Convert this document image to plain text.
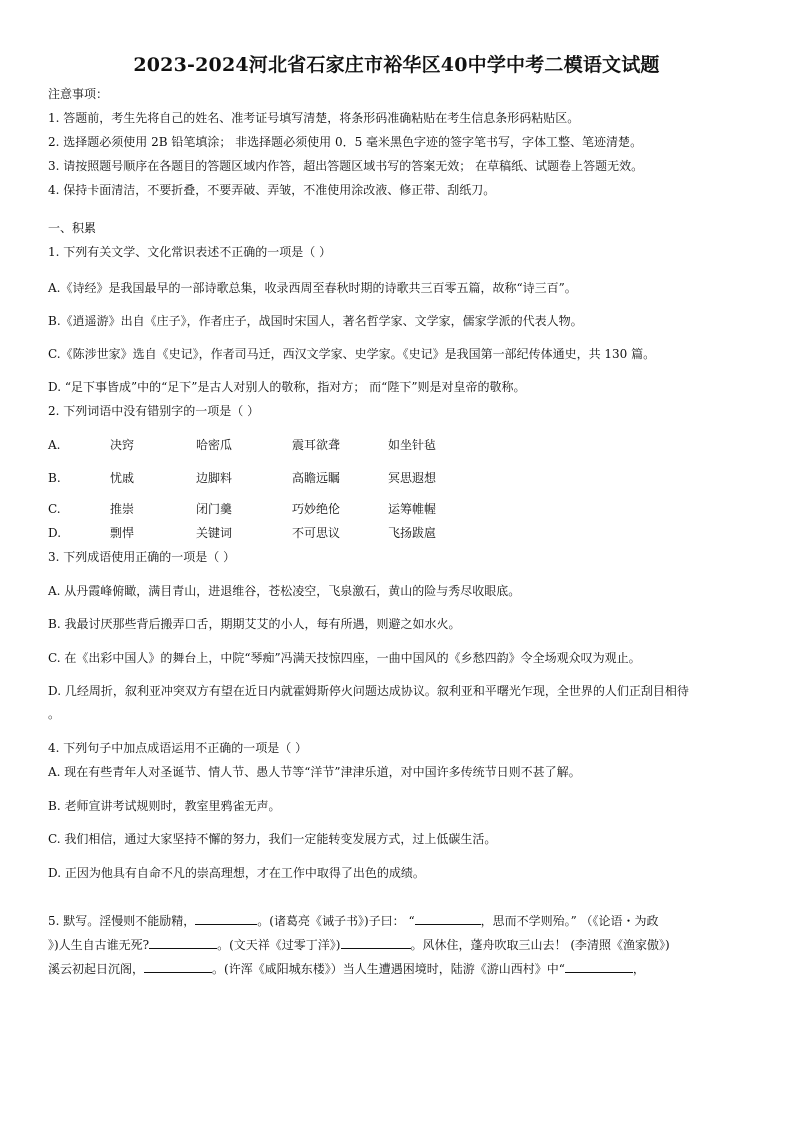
2023-2024河北省石家庄市裕华区40中学中考二模语文试题
注意事项：
1. 答题前，考生先将自己的姓名、准考证号填写清楚，将条形码准确粘贴在考生信息条形码粘贴区。
2. 选择题必须使用 2B 铅笔填涂； 非选择题必须使用 0．5 毫米黑色字迹的签字笔书写，字体工整、笔迹清楚。
3. 请按照题号顺序在各题目的答题区域内作答，超出答题区域书写的答案无效； 在草稿纸、试题卷上答题无效。
4. 保持卡面清洁，不要折叠，不要弄破、弄皱，不准使用涂改液、修正带、刮纸刀。
一、积累
1. 下列有关文学、文化常识表述不正确的一项是（ ）
A.《诗经》是我国最早的一部诗歌总集，收录西周至春秋时期的诗歌共三百零五篇，故称“诗三百”。
B.《逍遥游》出自《庄子》，作者庄子，战国时宋国人，著名哲学家、文学家，儒家学派的代表人物。
C.《陈涉世家》选自《史记》，作者司马迁，西汉文学家、史学家。《史记》是我国第一部纪传体通史，共 130 篇。
D. “足下事皆成”中的“足下”是古人对别人的敬称，指对方； 而“陛下”则是对皇帝的敬称。
2. 下列词语中没有错别字的一项是（ ）
A.	决窍	哈密瓜	震耳欲聋	如坐针毡
B.	忧戚	边脚料	高瞻远瞩	冥思遐想
C.	推崇	闭门羹	巧妙绝伦	运筹帷幄
D.	剽悍	关键词	不可思议	飞扬跋扈
3. 下列成语使用正确的一项是（ ）
A. 从丹霞峰俯瞰，满目青山，进退维谷，苍松凌空，飞泉激石，黄山的险与秀尽收眼底。
B. 我最讨厌那些背后搬弄口舌，期期艾艾的小人，每有所遇，则避之如水火。
C. 在《出彩中国人》的舞台上，中院“琴痴”冯满天技惊四座，一曲中国风的《乡愁四韵》令全场观众叹为观止。
D. 几经周折，叙利亚冲突双方有望在近日内就霍姆斯停火问题达成协议。叙利亚和平曙光乍现，全世界的人们正刮目相待
。
4. 下列句子中加点成语运用不正确的一项是（ ）
A. 现在有些青年人对圣诞节、情人节、愚人节等“洋节”津津乐道，对中国许多传统节日则不甚了解。
B. 老师宣讲考试规则时，教室里鸦雀无声。
C. 我们相信，通过大家坚持不懈的努力，我们一定能转变发展方式，过上低碳生活。
D. 正因为他具有自命不凡的崇高理想，才在工作中取得了出色的成绩。
5. 默写。淫慢则不能励精，	。(诸葛亮《诫子书》)子曰： “	，思而不学则殆。” （《论语・为政
》)人生自古谁无死?	。(文天祥《过零丁洋》)	。风休住，蓬舟吹取三山去！ (李清照《渔家傲》)
溪云初起日沉阁，	。(许浑《咸阳城东楼》）当人生遭遇困境时，陆游《游山西村》中“	，
